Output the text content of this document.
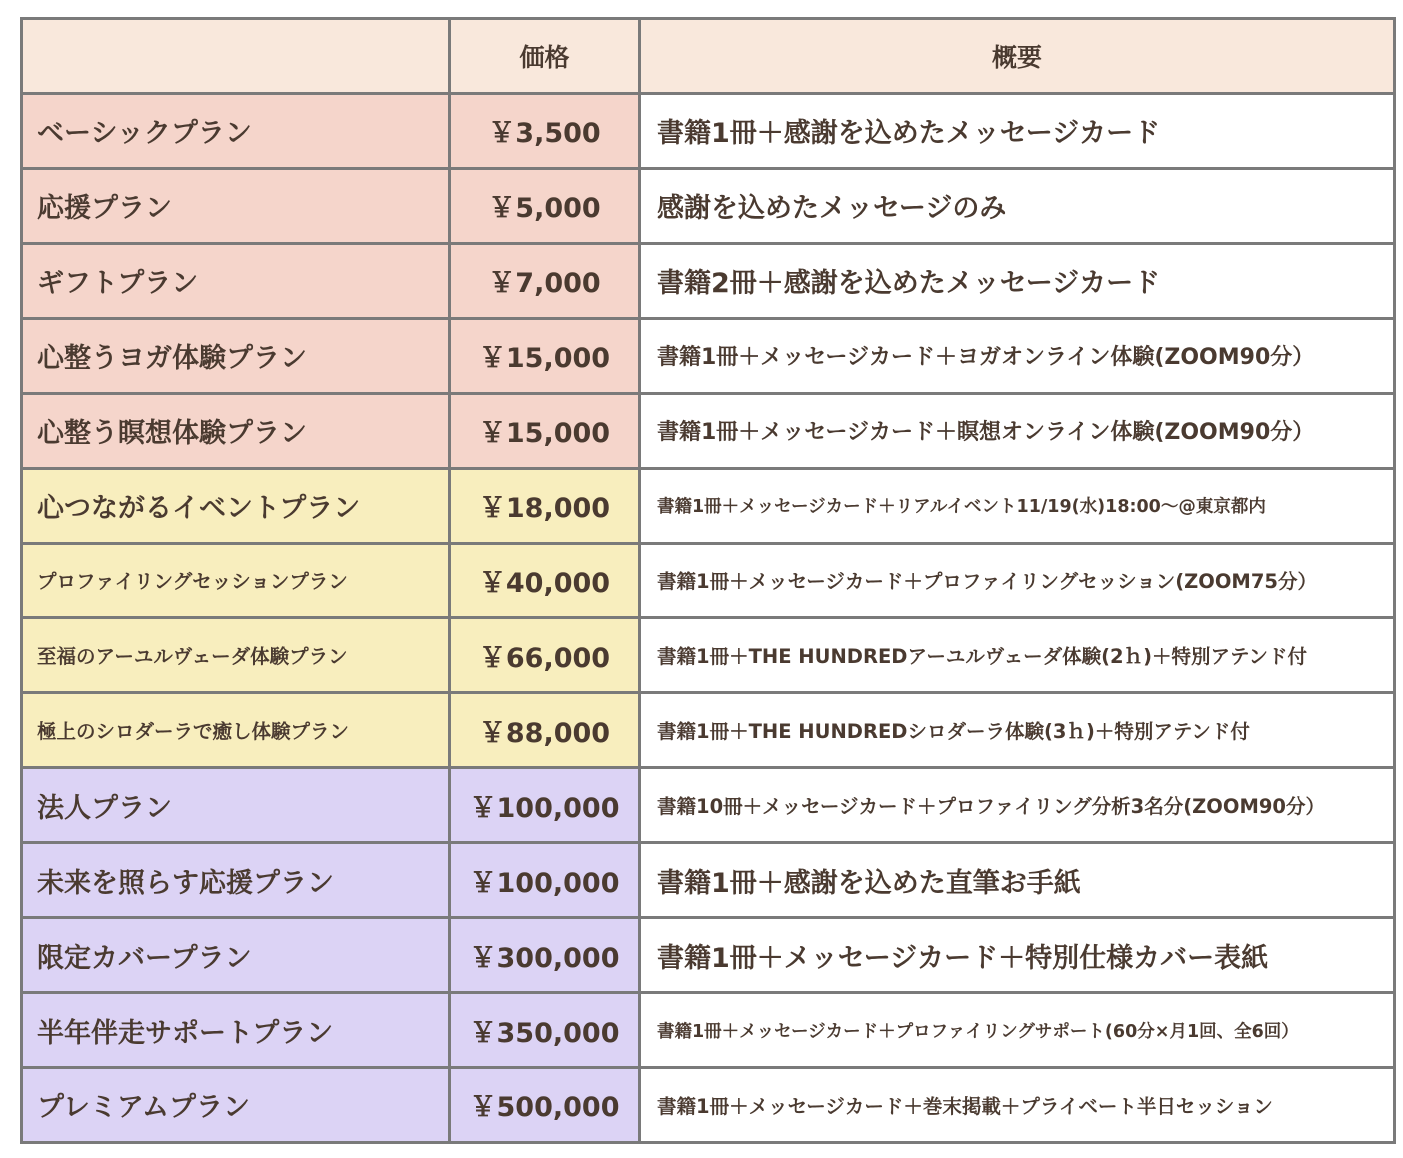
	価格	概要
ベーシックプラン	￥3,500	書籍1冊＋感謝を込めたメッセージカード
応援プラン	￥5,000	感謝を込めたメッセージのみ
ギフトプラン	￥7,000	書籍2冊＋感謝を込めたメッセージカード
心整うヨガ体験プラン	￥15,000	書籍1冊＋メッセージカード＋ヨガオンライン体験(ZOOM90分）
心整う瞑想体験プラン	￥15,000	書籍1冊＋メッセージカード＋瞑想オンライン体験(ZOOM90分）
心つながるイベントプラン	￥18,000	書籍1冊＋メッセージカード＋リアルイベント11/19(水)18:00～@東京都内
プロファイリングセッションプラン	￥40,000	書籍1冊＋メッセージカード＋プロファイリングセッション(ZOOM75分）
至福のアーユルヴェーダ体験プラン	￥66,000	書籍1冊＋THE HUNDREDアーユルヴェーダ体験(2ｈ)＋特別アテンド付
極上のシロダーラで癒し体験プラン	￥88,000	書籍1冊＋THE HUNDREDシロダーラ体験(3ｈ)＋特別アテンド付
法人プラン	￥100,000	書籍10冊＋メッセージカード＋プロファイリング分析3名分(ZOOM90分）
未来を照らす応援プラン	￥100,000	書籍1冊＋感謝を込めた直筆お手紙
限定カバープラン	￥300,000	書籍1冊＋メッセージカード＋特別仕様カバー表紙
半年伴走サポートプラン	￥350,000	書籍1冊＋メッセージカード＋プロファイリングサポート(60分×月1回、全6回）
プレミアムプラン	￥500,000	書籍1冊＋メッセージカード＋巻末掲載＋プライベート半日セッション
